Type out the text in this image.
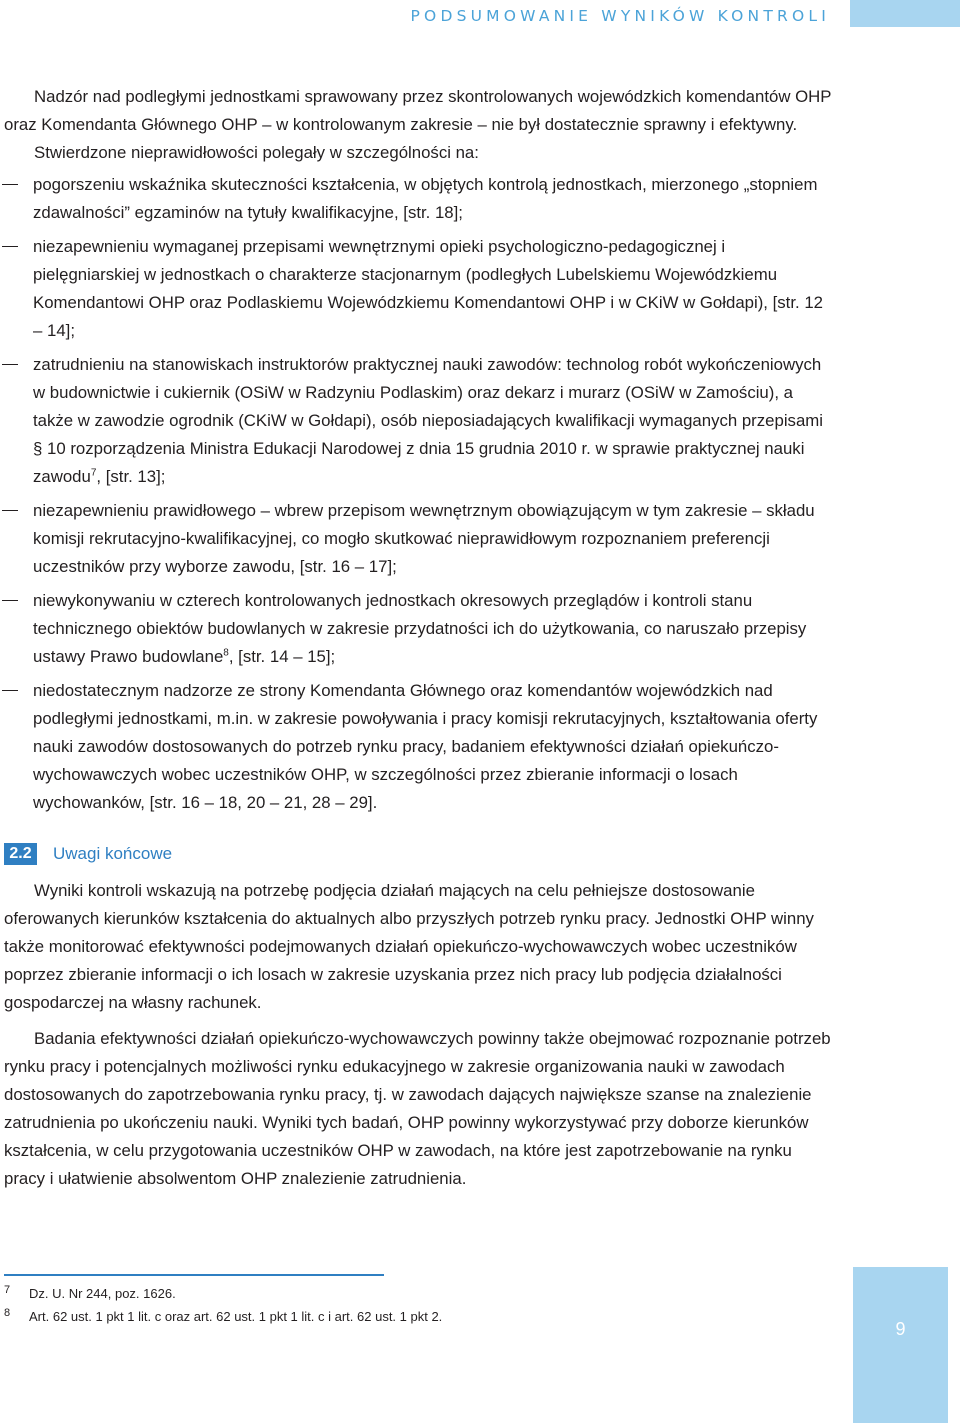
PODSUMOWANIE WYNIKÓW KONTROLI

Nadzór nad podległymi jednostkami sprawowany przez skontrolowanych wojewódzkich komendantów OHP oraz Komendanta Głównego OHP – w kontrolowanym zakresie – nie był dostatecznie sprawny i efektywny.

Stwierdzone nieprawidłowości polegały w szczególności na:

pogorszeniu wskaźnika skuteczności kształcenia, w objętych kontrolą jednostkach, mierzonego „stopniem zdawalności” egzaminów na tytuły kwalifikacyjne, [str. 18];
niezapewnieniu wymaganej przepisami wewnętrznymi opieki psychologiczno-pedagogicznej i pielęgniarskiej w jednostkach o charakterze stacjonarnym (podległych Lubelskiemu Wojewódzkiemu Komendantowi OHP oraz Podlaskiemu Wojewódzkiemu Komendantowi OHP i w CKiW w Gołdapi), [str. 12 – 14];
zatrudnieniu na stanowiskach instruktorów praktycznej nauki zawodów: technolog robót wykończeniowych w budownictwie i cukiernik (OSiW w Radzyniu Podlaskim) oraz dekarz i murarz (OSiW w Zamościu), a także w zawodzie ogrodnik (CKiW w Gołdapi), osób nieposiadających kwalifikacji wymaganych przepisami § 10 rozporządzenia Ministra Edukacji Narodowej z dnia 15 grudnia 2010 r. w sprawie praktycznej nauki zawodu$^7$, [str. 13];
niezapewnieniu prawidłowego – wbrew przepisom wewnętrznym obowiązującym w tym zakresie – składu komisji rekrutacyjno-kwalifikacyjnej, co mogło skutkować nieprawidłowym rozpoznaniem preferencji uczestników przy wyborze zawodu, [str. 16 – 17];
niewykonywaniu w czterech kontrolowanych jednostkach okresowych przeglądów i kontroli stanu technicznego obiektów budowlanych w zakresie przydatności ich do użytkowania, co naruszało przepisy ustawy Prawo budowlane$^8$, [str. 14 – 15];
niedostatecznym nadzorze ze strony Komendanta Głównego oraz komendantów wojewódzkich nad podległymi jednostkami, m.in. w zakresie powoływania i pracy komisji rekrutacyjnych, kształtowania oferty nauki zawodów dostosowanych do potrzeb rynku pracy, badaniem efektywności działań opiekuńczo-wychowawczych wobec uczestników OHP, w szczególności przez zbieranie informacji o losach wychowanków, [str. 16 – 18, 20 – 21, 28 – 29].
2.2	Uwagi końcowe

Wyniki kontroli wskazują na potrzebę podjęcia działań mających na celu pełniejsze dostosowanie oferowanych kierunków kształcenia do aktualnych albo przyszłych potrzeb rynku pracy. Jednostki OHP winny także monitorować efektywności podejmowanych działań opiekuńczo-wychowawczych wobec uczestników poprzez zbieranie informacji o ich losach w zakresie uzyskania przez nich pracy lub podjęcia działalności gospodarczej na własny rachunek.

Badania efektywności działań opiekuńczo-wychowawczych powinny także obejmować rozpoznanie potrzeb rynku pracy i potencjalnych możliwości rynku edukacyjnego w zakresie organizowania nauki w zawodach dostosowanych do zapotrzebowania rynku pracy, tj. w zawodach dających największe szanse na znalezienie zatrudnienia po ukończeniu nauki. Wyniki tych badań, OHP powinny wykorzystywać przy doborze kierunków kształcenia, w celu przygotowania uczestników OHP w zawodach, na które jest zapotrzebowanie na rynku pracy i ułatwienie absolwentom OHP znalezienie zatrudnienia.

7 Dz. U. Nr 244, poz. 1626.
8 Art. 62 ust. 1 pkt 1 lit. c oraz art. 62 ust. 1 pkt 1 lit. c i art. 62 ust. 1 pkt 2.
9
